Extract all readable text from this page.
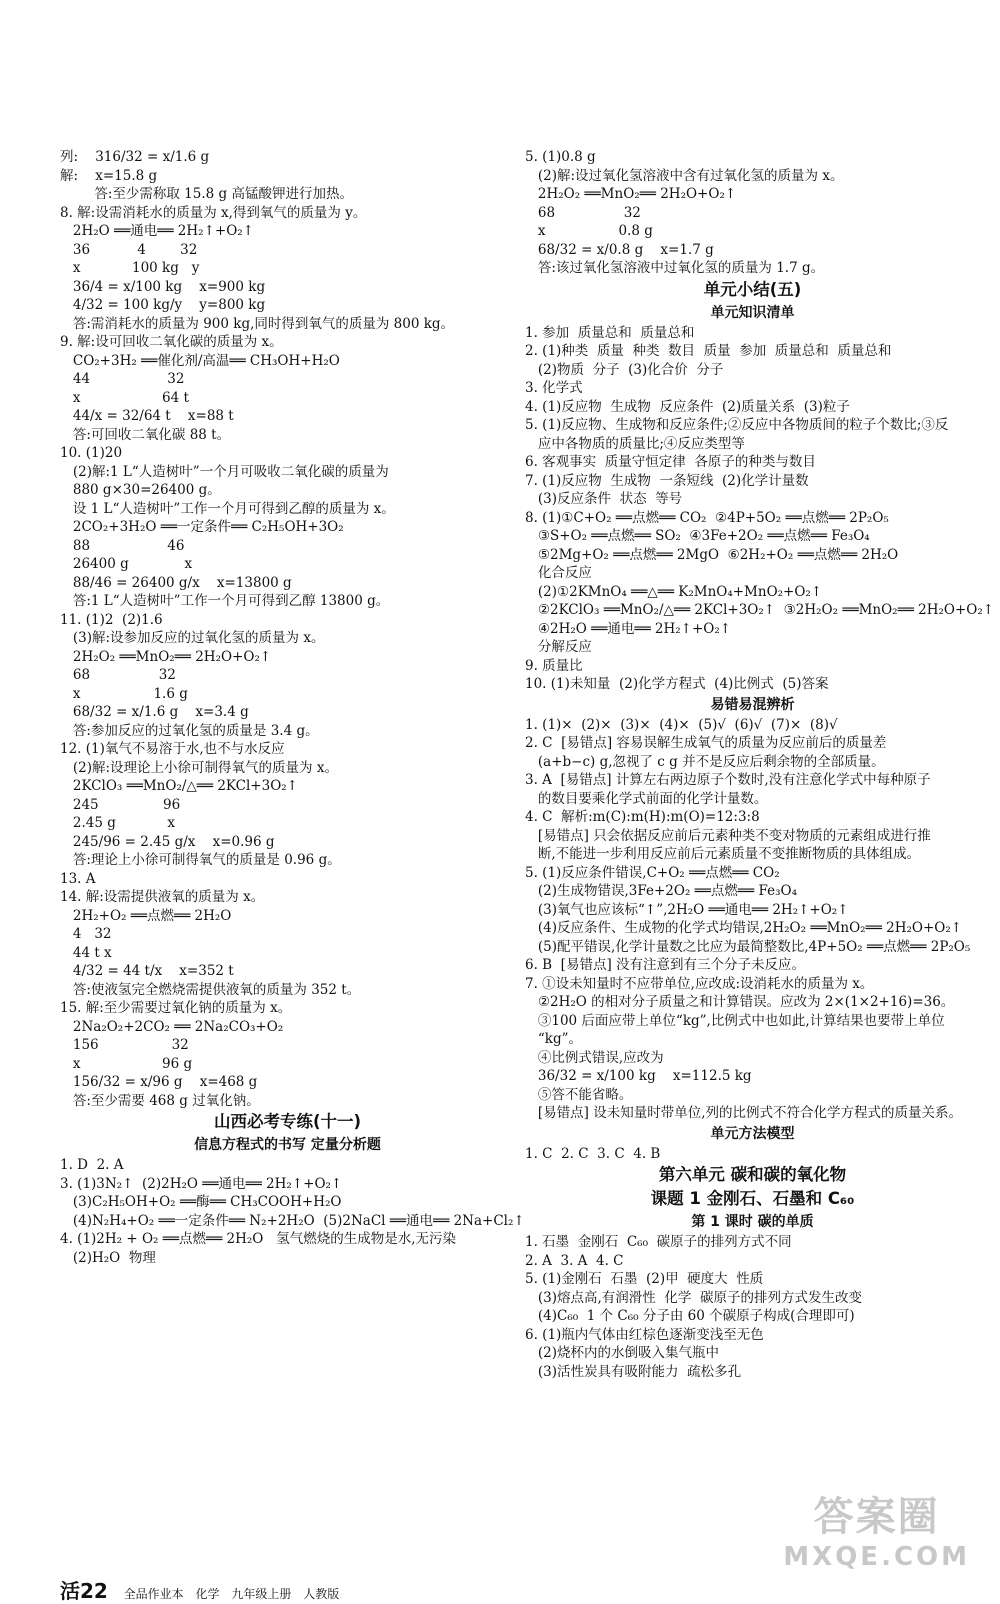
列:    316/32 = x/1.6 g
解:    x=15.8 g
答:至少需称取 15.8 g 高锰酸钾进行加热。
8. 解:设需消耗水的质量为 x,得到氧气的质量为 y。
2H₂O ══通电══ 2H₂↑+O₂↑
36           4        32
x            100 kg   y
36/4 = x/100 kg    x=900 kg
4/32 = 100 kg/y    y=800 kg
答:需消耗水的质量为 900 kg,同时得到氧气的质量为 800 kg。
9. 解:设可回收二氧化碳的质量为 x。
CO₂+3H₂ ══催化剂/高温══ CH₃OH+H₂O
44                  32
x                   64 t
44/x = 32/64 t    x=88 t
答:可回收二氧化碳 88 t。
10. (1)20
(2)解:1 L“人造树叶”一个月可吸收二氧化碳的质量为
880 g×30=26400 g。
设 1 L“人造树叶”工作一个月可得到乙醇的质量为 x。
2CO₂+3H₂O ══一定条件══ C₂H₅OH+3O₂
88                  46
26400 g             x
88/46 = 26400 g/x    x=13800 g
答:1 L“人造树叶”工作一个月可得到乙醇 13800 g。
11. (1)2  (2)1.6
(3)解:设参加反应的过氧化氢的质量为 x。
2H₂O₂ ══MnO₂══ 2H₂O+O₂↑
68                32
x                 1.6 g
68/32 = x/1.6 g    x=3.4 g
答:参加反应的过氧化氢的质量是 3.4 g。
12. (1)氧气不易溶于水,也不与水反应
(2)解:设理论上小徐可制得氧气的质量为 x。
2KClO₃ ══MnO₂/△══ 2KCl+3O₂↑
245               96
2.45 g            x
245/96 = 2.45 g/x    x=0.96 g
答:理论上小徐可制得氧气的质量是 0.96 g。
13. A
14. 解:设需提供液氧的质量为 x。
2H₂+O₂ ══点燃══ 2H₂O
4   32
44 t x
4/32 = 44 t/x    x=352 t
答:使液氢完全燃烧需提供液氧的质量为 352 t。
15. 解:至少需要过氧化钠的质量为 x。
2Na₂O₂+2CO₂ ══ 2Na₂CO₃+O₂
156                 32
x                   96 g
156/32 = x/96 g    x=468 g
答:至少需要 468 g 过氧化钠。
山西必考专练(十一)
信息方程式的书写 定量分析题
1. D  2. A
3. (1)3N₂↑  (2)2H₂O ══通电══ 2H₂↑+O₂↑
(3)C₂H₅OH+O₂ ══酶══ CH₃COOH+H₂O
(4)N₂H₄+O₂ ══一定条件══ N₂+2H₂O  (5)2NaCl ══通电══ 2Na+Cl₂↑
4. (1)2H₂ + O₂ ══点燃══ 2H₂O   氢气燃烧的生成物是水,无污染
(2)H₂O  物理
5. (1)0.8 g
(2)解:设过氧化氢溶液中含有过氧化氢的质量为 x。
2H₂O₂ ══MnO₂══ 2H₂O+O₂↑
68                32
x                 0.8 g
68/32 = x/0.8 g    x=1.7 g
答:该过氧化氢溶液中过氧化氢的质量为 1.7 g。
单元小结(五)
单元知识清单
1. 参加  质量总和  质量总和
2. (1)种类  质量  种类  数目  质量  参加  质量总和  质量总和
(2)物质  分子  (3)化合价  分子
3. 化学式
4. (1)反应物  生成物  反应条件  (2)质量关系  (3)粒子
5. (1)反应物、生成物和反应条件;②反应中各物质间的粒子个数比;③反
应中各物质的质量比;④反应类型等
6. 客观事实  质量守恒定律  各原子的种类与数目
7. (1)反应物  生成物  一条短线  (2)化学计量数
(3)反应条件  状态  等号
8. (1)①C+O₂ ══点燃══ CO₂  ②4P+5O₂ ══点燃══ 2P₂O₅
③S+O₂ ══点燃══ SO₂  ④3Fe+2O₂ ══点燃══ Fe₃O₄
⑤2Mg+O₂ ══点燃══ 2MgO  ⑥2H₂+O₂ ══点燃══ 2H₂O
化合反应
(2)①2KMnO₄ ══△══ K₂MnO₄+MnO₂+O₂↑
②2KClO₃ ══MnO₂/△══ 2KCl+3O₂↑  ③2H₂O₂ ══MnO₂══ 2H₂O+O₂↑
④2H₂O ══通电══ 2H₂↑+O₂↑
分解反应
9. 质量比
10. (1)未知量  (2)化学方程式  (4)比例式  (5)答案
易错易混辨析
1. (1)×  (2)×  (3)×  (4)×  (5)√  (6)√  (7)×  (8)√
2. C  [易错点] 容易误解生成氧气的质量为反应前后的质量差
(a+b−c) g,忽视了 c g 并不是反应后剩余物的全部质量。
3. A  [易错点] 计算左右两边原子个数时,没有注意化学式中每种原子
的数目要乘化学式前面的化学计量数。
4. C  解析:m(C):m(H):m(O)=12:3:8
[易错点] 只会依据反应前后元素种类不变对物质的元素组成进行推
断,不能进一步利用反应前后元素质量不变推断物质的具体组成。
5. (1)反应条件错误,C+O₂ ══点燃══ CO₂
(2)生成物错误,3Fe+2O₂ ══点燃══ Fe₃O₄
(3)氧气也应该标“↑”,2H₂O ══通电══ 2H₂↑+O₂↑
(4)反应条件、生成物的化学式均错误,2H₂O₂ ══MnO₂══ 2H₂O+O₂↑
(5)配平错误,化学计量数之比应为最简整数比,4P+5O₂ ══点燃══ 2P₂O₅
6. B  [易错点] 没有注意到有三个分子未反应。
7. ①设未知量时不应带单位,应改成:设消耗水的质量为 x。
②2H₂O 的相对分子质量之和计算错误。应改为 2×(1×2+16)=36。
③100 后面应带上单位“kg”,比例式中也如此,计算结果也要带上单位
“kg”。
④比例式错误,应改为
36/32 = x/100 kg    x=112.5 kg
⑤答不能省略。
[易错点] 设未知量时带单位,列的比例式不符合化学方程式的质量关系。
单元方法模型
1. C  2. C  3. C  4. B
第六单元 碳和碳的氧化物
课题 1 金刚石、石墨和 C₆₀
第 1 课时 碳的单质
1. 石墨  金刚石  C₆₀  碳原子的排列方式不同
2. A  3. A  4. C
5. (1)金刚石  石墨  (2)甲  硬度大  性质
(3)熔点高,有润滑性  化学  碳原子的排列方式发生改变
(4)C₆₀  1 个 C₆₀ 分子由 60 个碳原子构成(合理即可)
6. (1)瓶内气体由红棕色逐渐变浅至无色
(2)烧杯内的水倒吸入集气瓶中
(3)活性炭具有吸附能力  疏松多孔
活22 全品作业本 化学 九年级上册 人教版
答案圈
MXQE.COM
